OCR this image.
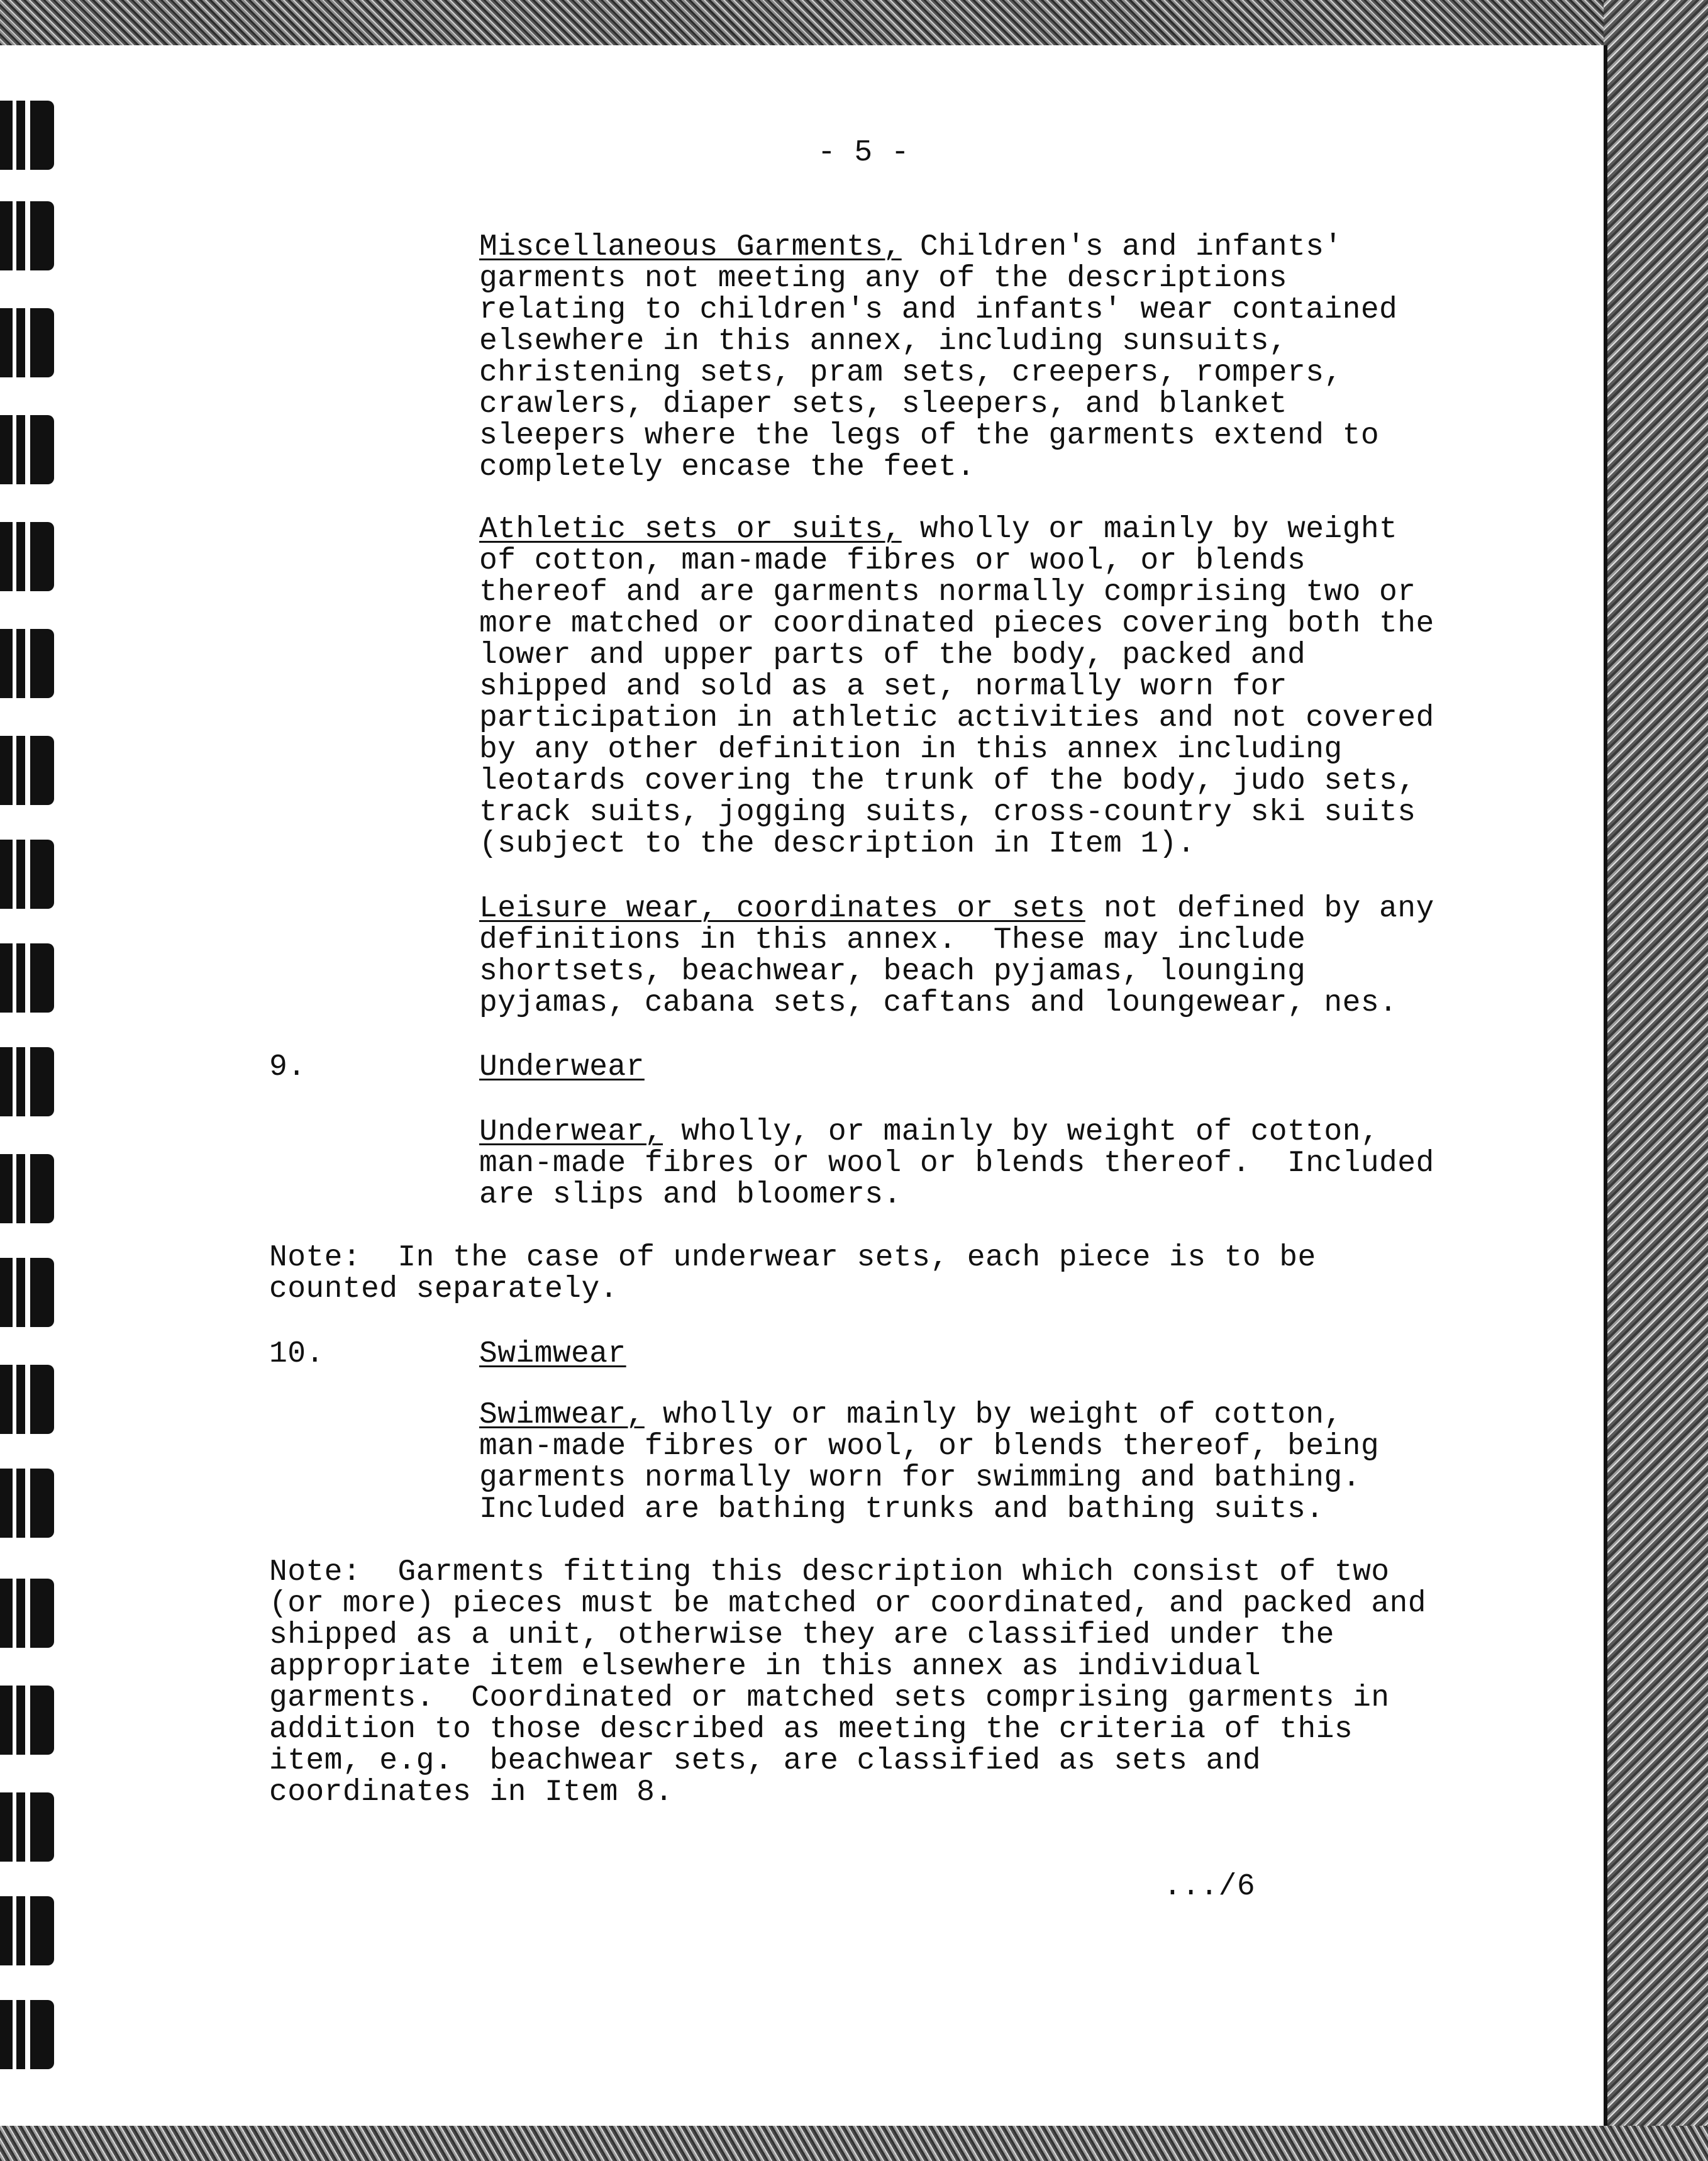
- 5 -

Miscellaneous Garments, Children's and infants'

garments not meeting any of the descriptions

relating to children's and infants' wear contained

elsewhere in this annex, including sunsuits,

christening sets, pram sets, creepers, rompers,

crawlers, diaper sets, sleepers, and blanket

sleepers where the legs of the garments extend to

completely encase the feet.

Athletic sets or suits, wholly or mainly by weight

of cotton, man-made fibres or wool, or blends

thereof and are garments normally comprising two or

more matched or coordinated pieces covering both the

lower and upper parts of the body, packed and

shipped and sold as a set, normally worn for

participation in athletic activities and not covered

by any other definition in this annex including

leotards covering the trunk of the body, judo sets,

track suits, jogging suits, cross-country ski suits

(subject to the description in Item 1).

Leisure wear, coordinates or sets not defined by any

definitions in this annex.  These may include

shortsets, beachwear, beach pyjamas, lounging

pyjamas, cabana sets, caftans and loungewear, nes.

9.	Underwear

Underwear, wholly, or mainly by weight of cotton,

man-made fibres or wool or blends thereof.  Included

are slips and bloomers.

Note:  In the case of underwear sets, each piece is to be

counted separately.

10.	Swimwear

Swimwear, wholly or mainly by weight of cotton,

man-made fibres or wool, or blends thereof, being

garments normally worn for swimming and bathing.

Included are bathing trunks and bathing suits.

Note:  Garments fitting this description which consist of two

(or more) pieces must be matched or coordinated, and packed and

shipped as a unit, otherwise they are classified under the

appropriate item elsewhere in this annex as individual

garments.  Coordinated or matched sets comprising garments in

addition to those described as meeting the criteria of this

item, e.g.  beachwear sets, are classified as sets and

coordinates in Item 8.

.../6
